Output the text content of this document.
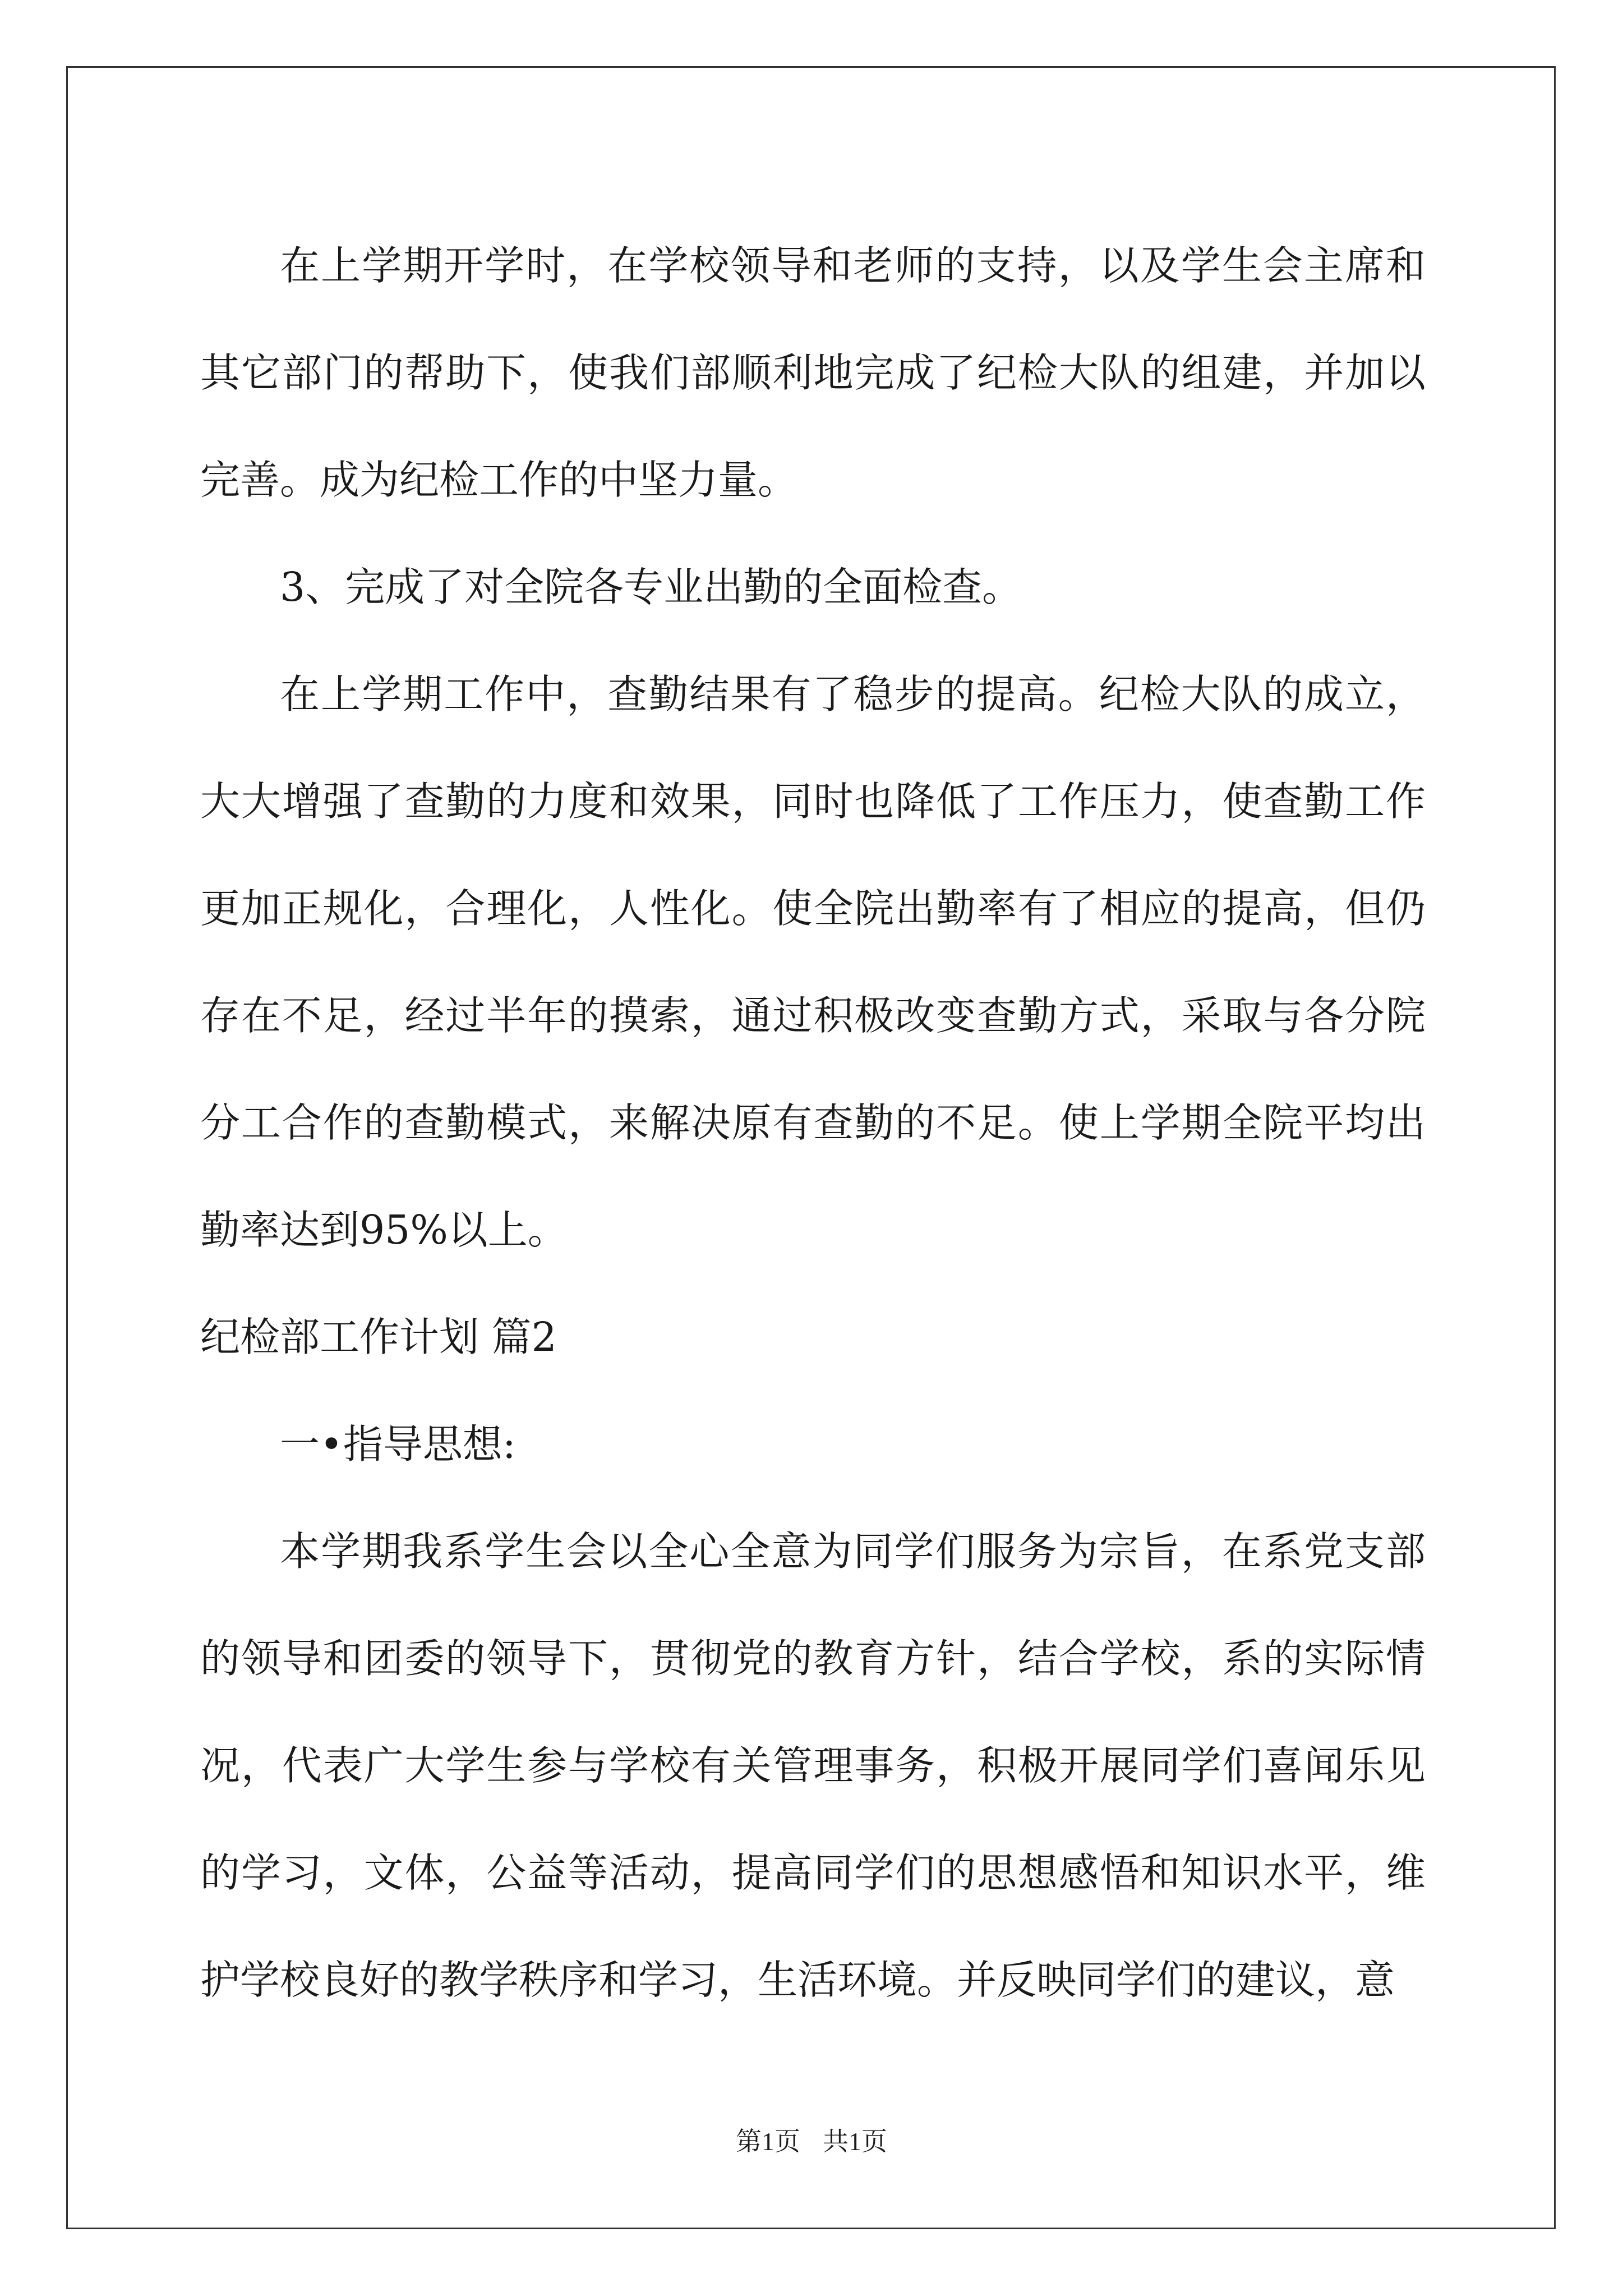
在上学期开学时，在学校领导和老师的支持，以及学生会主席和其它部门的帮助下，使我们部顺利地完成了纪检大队的组建，并加以完善。成为纪检工作的中坚力量。

3、完成了对全院各专业出勤的全面检查。

在上学期工作中，查勤结果有了稳步的提高。纪检大队的成立，大大增强了查勤的力度和效果，同时也降低了工作压力，使查勤工作更加正规化，合理化，人性化。使全院出勤率有了相应的提高，但仍存在不足，经过半年的摸索，通过积极改变查勤方式，采取与各分院分工合作的查勤模式，来解决原有查勤的不足。使上学期全院平均出勤率达到95%以上。

纪检部工作计划 篇2

一•指导思想:

本学期我系学生会以全心全意为同学们服务为宗旨，在系党支部的领导和团委的领导下，贯彻党的教育方针，结合学校，系的实际情况，代表广大学生参与学校有关管理事务，积极开展同学们喜闻乐见的学习，文体，公益等活动，提高同学们的思想感悟和知识水平，维护学校良好的教学秩序和学习，生活环境。并反映同学们的建议，意

第1页 共1页
